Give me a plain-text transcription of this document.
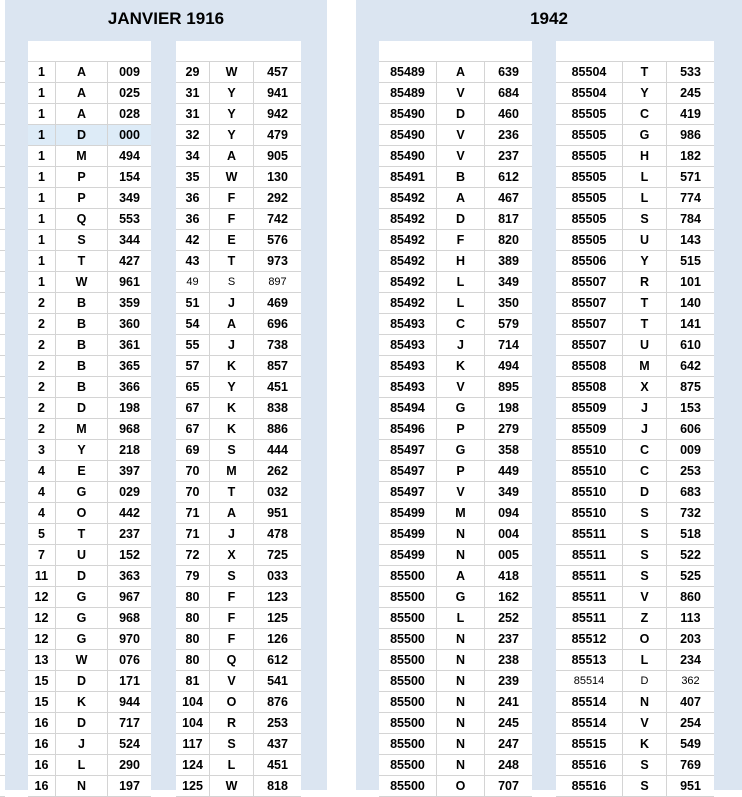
JANVIER 1916	1942
1	A	009
1	A	025
1	A	028
1	D	000
1	M	494
1	P	154
1	P	349
1	Q	553
1	S	344
1	T	427
1	W	961
2	B	359
2	B	360
2	B	361
2	B	365
2	B	366
2	D	198
2	M	968
3	Y	218
4	E	397
4	G	029
4	O	442
5	T	237
7	U	152
11	D	363
12	G	967
12	G	968
12	G	970
13	W	076
15	D	171
15	K	944
16	D	717
16	J	524
16	L	290
16	N	197
29	W	457
31	Y	941
31	Y	942
32	Y	479
34	A	905
35	W	130
36	F	292
36	F	742
42	E	576
43	T	973
49	S	897
51	J	469
54	A	696
55	J	738
57	K	857
65	Y	451
67	K	838
67	K	886
69	S	444
70	M	262
70	T	032
71	A	951
71	J	478
72	X	725
79	S	033
80	F	123
80	F	125
80	F	126
80	Q	612
81	V	541
104	O	876
104	R	253
117	S	437
124	L	451
125	W	818
85489	A	639
85489	V	684
85490	D	460
85490	V	236
85490	V	237
85491	B	612
85492	A	467
85492	D	817
85492	F	820
85492	H	389
85492	L	349
85492	L	350
85493	C	579
85493	J	714
85493	K	494
85493	V	895
85494	G	198
85496	P	279
85497	G	358
85497	P	449
85497	V	349
85499	M	094
85499	N	004
85499	N	005
85500	A	418
85500	G	162
85500	L	252
85500	N	237
85500	N	238
85500	N	239
85500	N	241
85500	N	245
85500	N	247
85500	N	248
85500	O	707
85504	T	533
85504	Y	245
85505	C	419
85505	G	986
85505	H	182
85505	L	571
85505	L	774
85505	S	784
85505	U	143
85506	Y	515
85507	R	101
85507	T	140
85507	T	141
85507	U	610
85508	M	642
85508	X	875
85509	J	153
85509	J	606
85510	C	009
85510	C	253
85510	D	683
85510	S	732
85511	S	518
85511	S	522
85511	S	525
85511	V	860
85511	Z	113
85512	O	203
85513	L	234
85514	D	362
85514	N	407
85514	V	254
85515	K	549
85516	S	769
85516	S	951
